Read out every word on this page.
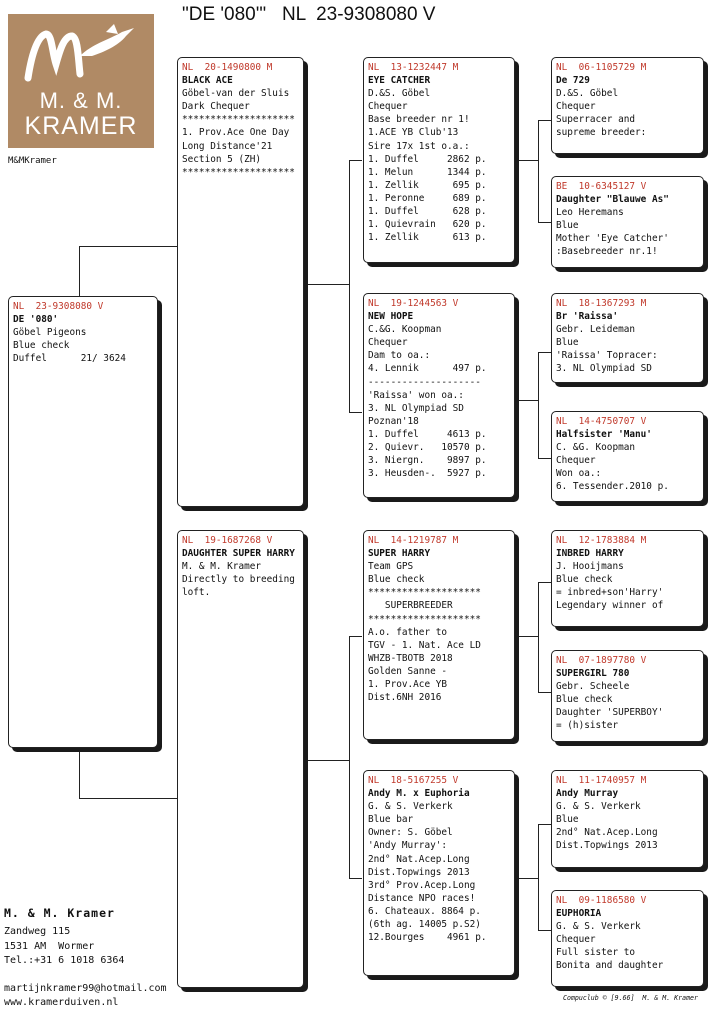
"DE '080'"   NL  23-9308080 V
M. & M.
KRAMER
M&MKramer
NL  23-9308080 V
DE '080'
Göbel Pigeons
Blue check
Duffel      21/ 3624
NL  20-1490800 M
BLACK ACE
Göbel-van der Sluis
Dark Chequer
********************
1. Prov.Ace One Day
Long Distance'21
Section 5 (ZH)
********************
NL  19-1687268 V
DAUGHTER SUPER HARRY
M. & M. Kramer
Directly to breeding
loft.
NL  13-1232447 M
EYE CATCHER
D.&S. Göbel
Chequer
Base breeder nr 1!
1.ACE YB Club'13
Sire 17x 1st o.a.:
1. Duffel     2862 p.
1. Melun      1344 p.
1. Zellik      695 p.
1. Peronne     689 p.
1. Duffel      628 p.
1. Quievrain   620 p.
1. Zellik      613 p.
NL  19-1244563 V
NEW HOPE
C.&G. Koopman
Chequer
Dam to oa.:
4. Lennik      497 p.
--------------------
'Raissa' won oa.:
3. NL Olympiad SD
Poznan'18
1. Duffel     4613 p.
2. Quievr.   10570 p.
3. Niergn.    9897 p.
3. Heusden-.  5927 p.
NL  14-1219787 M
SUPER HARRY
Team GPS
Blue check
********************
SUPERBREEDER
********************
A.o. father to
TGV - 1. Nat. Ace LD
WHZB-TBOTB 2018
Golden Sanne -
1. Prov.Ace YB
Dist.6NH 2016
NL  18-5167255 V
Andy M. x Euphoria
G. & S. Verkerk
Blue bar
Owner: S. Göbel
'Andy Murray':
2nd° Nat.Acep.Long
Dist.Topwings 2013
3rd° Prov.Acep.Long
Distance NPO races!
6. Chateaux. 8864 p.
(6th ag. 14005 p.S2)
12.Bourges    4961 p.
NL  06-1105729 M
De 729
D.&S. Göbel
Chequer
Superracer and
supreme breeder:
BE  10-6345127 V
Daughter "Blauwe As"
Leo Heremans
Blue
Mother 'Eye Catcher'
:Basebreeder nr.1!
NL  18-1367293 M
Br 'Raissa'
Gebr. Leideman
Blue
'Raissa' Topracer:
3. NL Olympiad SD
NL  14-4750707 V
Halfsister 'Manu'
C. &G. Koopman
Chequer
Won oa.:
6. Tessender.2010 p.
NL  12-1783884 M
INBRED HARRY
J. Hooijmans
Blue check
= inbred+son'Harry'
Legendary winner of
NL  07-1897780 V
SUPERGIRL 780
Gebr. Scheele
Blue check
Daughter 'SUPERBOY'
= (h)sister
NL  11-1740957 M
Andy Murray
G. & S. Verkerk
Blue
2nd° Nat.Acep.Long
Dist.Topwings 2013
NL  09-1186580 V
EUPHORIA
G. & S. Verkerk
Chequer
Full sister to
Bonita and daughter
M. & M. Kramer
Zandweg 115
1531 AM  Wormer
Tel.:+31 6 1018 6364
martijnkramer99@hotmail.com
www.kramerduiven.nl	Compuclub © [9.66]  M. & M. Kramer
